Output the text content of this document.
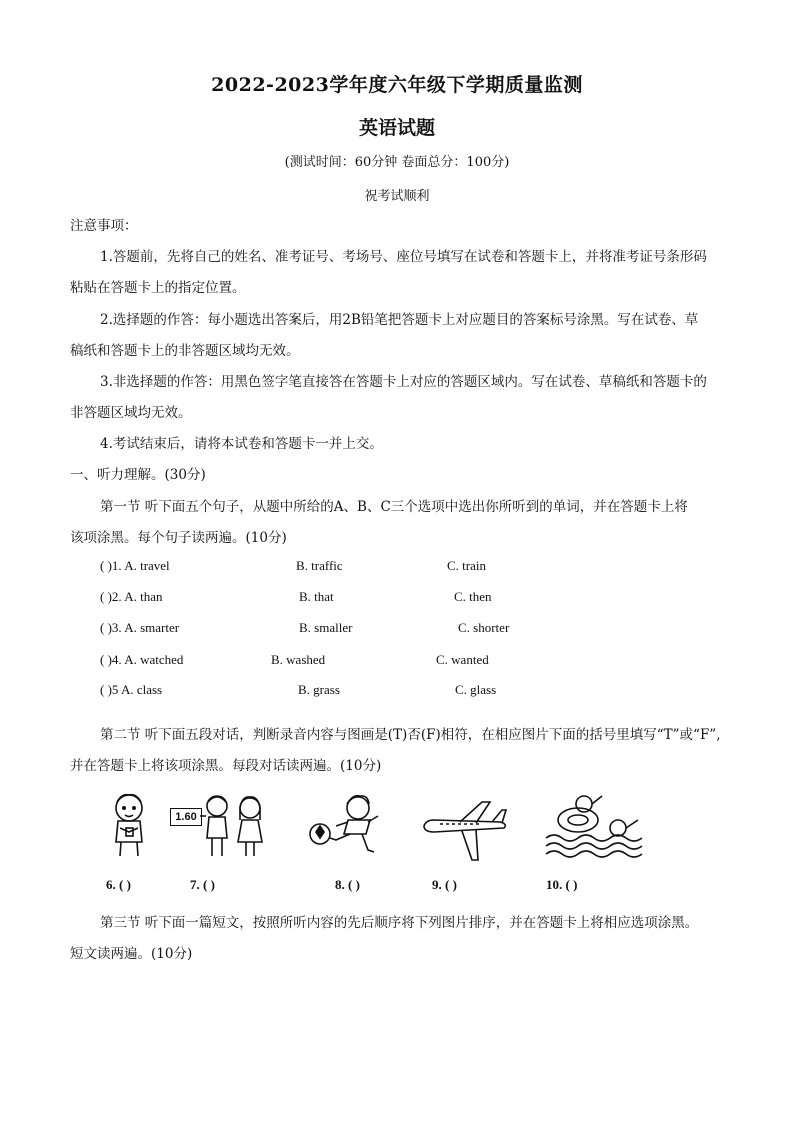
2022-2023学年度六年级下学期质量监测
英语试题
(测试时间：60分钟 卷面总分：100分)
祝考试顺利
注意事项：
1.答题前，先将自己的姓名、准考证号、考场号、座位号填写在试卷和答题卡上，并将准考证号条形码
粘贴在答题卡上的指定位置。
2.选择题的作答：每小题选出答案后，用2B铅笔把答题卡上对应题目的答案标号涂黑。写在试卷、草
稿纸和答题卡上的非答题区域均无效。
3.非选择题的作答：用黑色签字笔直接答在答题卡上对应的答题区域内。写在试卷、草稿纸和答题卡的
非答题区域均无效。
4.考试结束后，请将本试卷和答题卡一并上交。
一、听力理解。(30分)
第一节 听下面五个句子，从题中所给的A、B、C三个选项中选出你所听到的单词，并在答题卡上将
该项涂黑。每个句子读两遍。(10分)
( )1. A. travel	B. traffic	C. train
( )2. A. than	B. that	C. then
( )3. A. smarter	B. smaller	C. shorter
( )4. A. watched	B. washed	C. wanted
( )5 A. class	B. grass	C. glass
第二节 听下面五段对话，判断录音内容与图画是(T)否(F)相符，在相应图片下面的括号里填写“T”或“F”,
并在答题卡上将该项涂黑。每段对话读两遍。(10分)
1.60
6. ( )	7. ( )	8. ( )	9. ( )	10. ( )
第三节 听下面一篇短文，按照所听内容的先后顺序将下列图片排序，并在答题卡上将相应选项涂黑。
短文读两遍。(10分)
